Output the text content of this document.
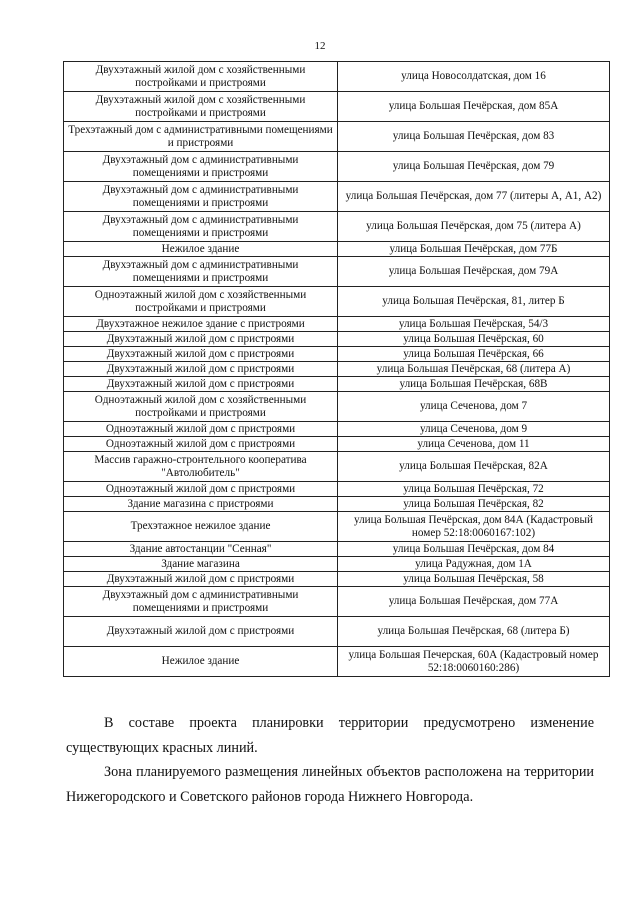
12
Двухэтажный жилой дом с хозяйственными постройками и пристроями	улица Новосолдатская, дом 16
Двухэтажный жилой дом с хозяйственными постройками и пристроями	улица Большая Печёрская, дом 85А
Трехэтажный дом с административными помещениями и пристроями	улица Большая Печёрская, дом 83
Двухэтажный дом с административными помещениями и пристроями	улица Большая Печёрская, дом 79
Двухэтажный дом с административными помещениями и пристроями	улица Большая Печёрская, дом 77 (литеры А, А1, А2)
Двухэтажный дом с административными помещениями и пристроями	улица Большая Печёрская, дом 75 (литера А)
Нежилое здание	улица Большая Печёрская, дом 77Б
Двухэтажный дом с административными помещениями и пристроями	улица Большая Печёрская, дом 79А
Одноэтажный жилой дом с хозяйственными постройками и пристроями	улица Большая Печёрская, 81, литер Б
Двухэтажное нежилое здание с пристроями	улица Большая Печёрская, 54/3
Двухэтажный жилой дом с пристроями	улица Большая Печёрская, 60
Двухэтажный жилой дом с пристроями	улица Большая Печёрская, 66
Двухэтажный жилой дом с пристроями	улица Большая Печёрская, 68 (литера А)
Двухэтажный жилой дом с пристроями	улица Большая Печёрская, 68В
Одноэтажный жилой дом с хозяйственными постройками и пристроями	улица Сеченова, дом 7
Одноэтажный жилой дом с пристроями	улица Сеченова, дом 9
Одноэтажный жилой дом с пристроями	улица Сеченова, дом 11
Массив гаражно-стронтельного кооператива "Автолюбитель"	улица Большая Печёрская, 82А
Одноэтажный жилой дом с пристроями	улица Большая Печёрская, 72
Здание магазина с пристроями	улица Большая Печёрская, 82
Трехэтажное нежилое здание	улица Большая Печёрская, дом 84А (Кадастровый номер 52:18:0060167:102)
Здание автостанции "Сенная"	улица Большая Печёрская, дом 84
Здание магазина	улица Радужная, дом 1А
Двухэтажный жилой дом с пристроями	улица Большая Печёрская, 58
Двухэтажный дом с административными помещениями и пристроями	улица Большая Печёрская, дом 77А
Двухэтажный жилой дом с пристроями	улица Большая Печёрская, 68 (литера Б)
Нежилое здание	улица Большая Печерская, 60А (Кадастровый номер 52:18:0060160:286)
В составе проекта планировки территории предусмотрено изменение существующих красных линий.
Зона планируемого размещения линейных объектов расположена на территории Нижегородского и Советского районов города Нижнего Новгорода.
